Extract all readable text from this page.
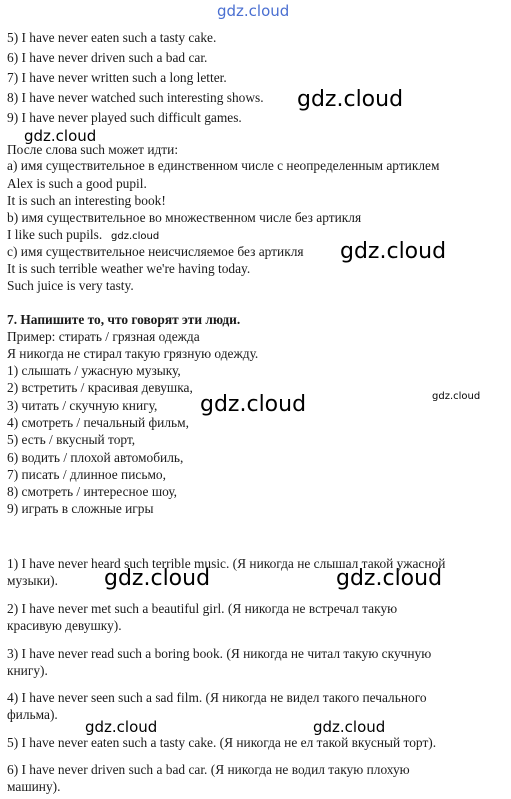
gdz.cloud
gdz.cloud
gdz.cloud
gdz.cloud
gdz.cloud
gdz.cloud	gdz.cloud
gdz.cloud	gdz.cloud
gdz.cloud	gdz.cloud

5) I have never eaten such a tasty cake.

6) I have never driven such a bad car.

7) I have never written such a long letter.

8) I have never watched such interesting shows.

9) I have never played such difficult games.

После слова such может идти:

а) имя существительное в единственном числе с неопределенным артиклем

Alex is such a good pupil.

It is such an interesting book!

b) имя существительное во множественном числе без артикля

I like such pupils.

с) имя существительное неисчисляемое без артикля

It is such terrible weather we're having today.

Such juice is very tasty.

7. Напишите то, что говорят эти люди.

Пример: стирать / грязная одежда

Я никогда не стирал такую грязную одежду.

1) слышать / ужасную музыку,

2) встретить / красивая девушка,

3) читать / скучную книгу,

4) смотреть / печальный фильм,

5) есть / вкусный торт,

6) водить / плохой автомобиль,

7) писать / длинное письмо,

8) смотреть / интересное шоу,

9) играть в сложные игры

1) I have never heard such terrible music. (Я никогда не слышал такой ужасной

музыки).

2) I have never met such a beautiful girl. (Я никогда не встречал такую

красивую девушку).

3) I have never read such a boring book. (Я никогда не читал такую скучную

книгу).

4) I have never seen such a sad film. (Я никогда не видел такого печального

фильма).

5) I have never eaten such a tasty cake. (Я никогда не ел такой вкусный торт).

6) I have never driven such a bad car. (Я никогда не водил такую плохую

машину).
